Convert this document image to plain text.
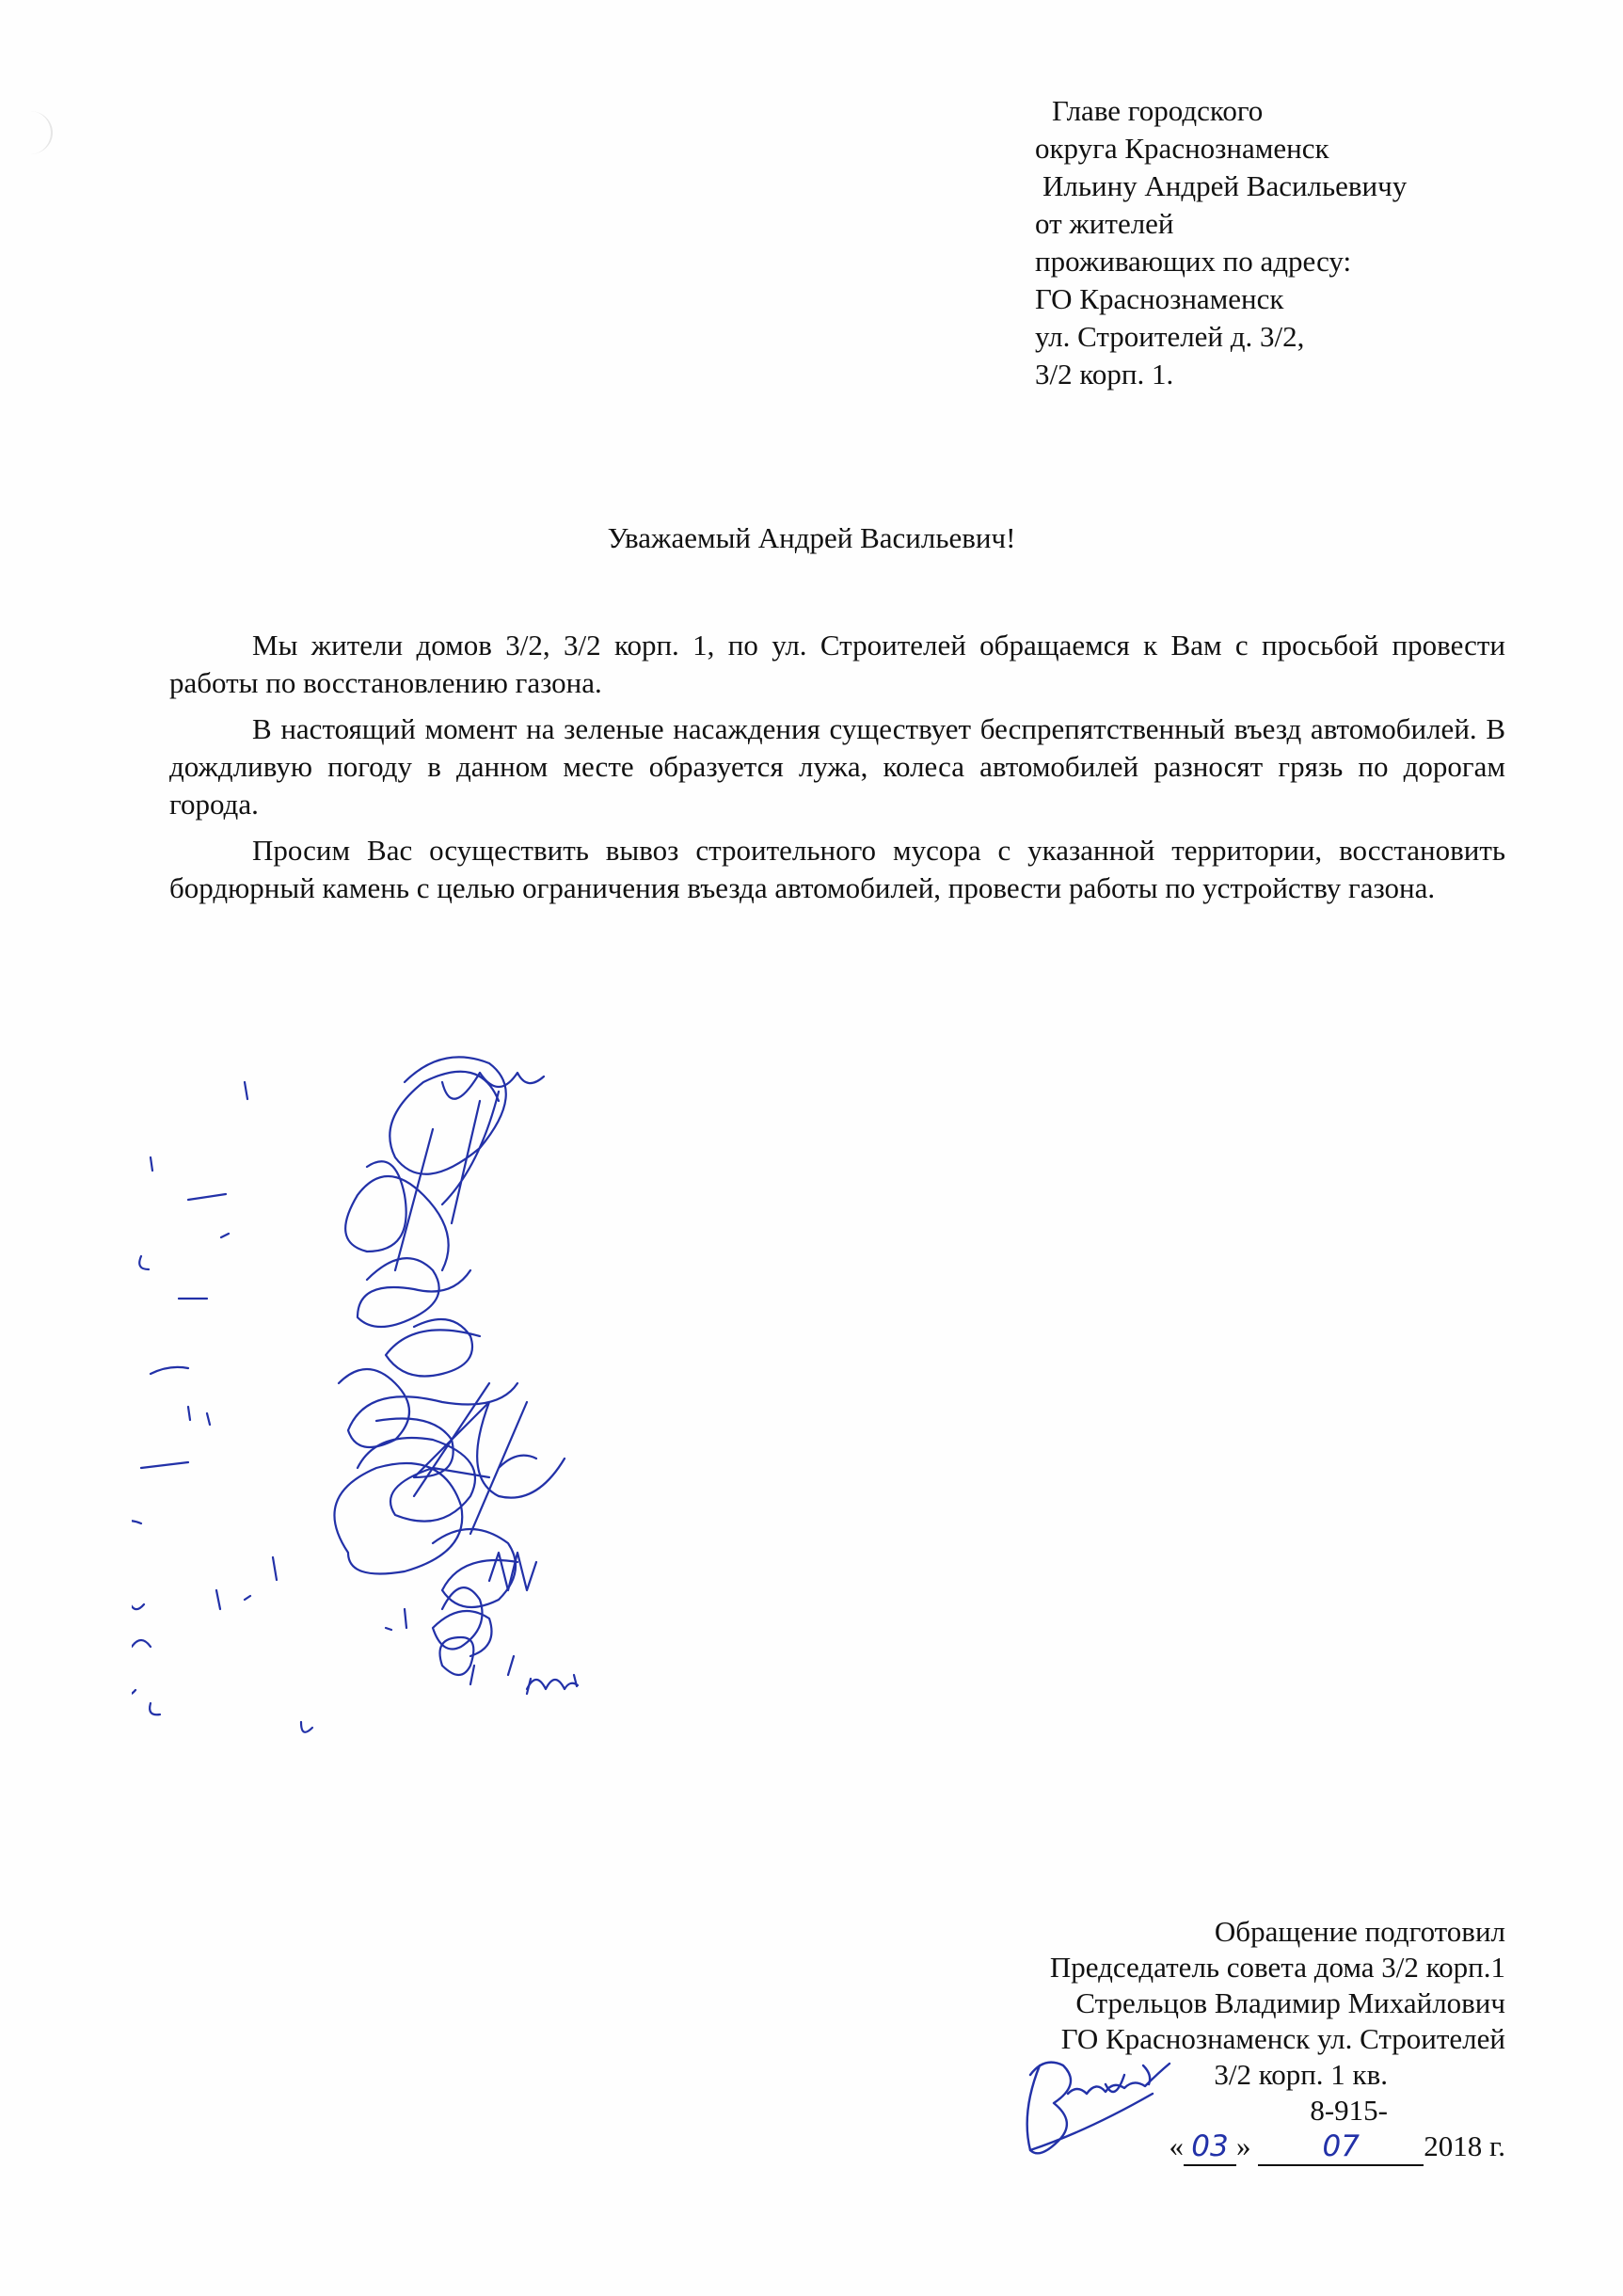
Главе городского
округа Краснознаменск
Ильину Андрей Васильевичу
от жителей
проживающих по адресу:
ГО Краснознаменск
ул. Строителей д. 3/2,
3/2 корп. 1.
Уважаемый Андрей Васильевич!

Мы жители домов 3/2, 3/2 корп. 1, по ул. Строителей обращаемся к Вам с просьбой провести работы по восстановлению газона.

В настоящий момент на зеленые насаждения существует беспрепятственный въезд автомобилей. В дождливую погоду в данном месте образуется лужа, колеса автомобилей разносят грязь по дорогам города.

Просим Вас осуществить вывоз строительного мусора с указанной территории, восстановить бордюрный камень с целью ограничения въезда автомобилей, провести работы по устройству газона.

Обращение подготовил
Председатель совета дома 3/2 корп.1
Стрельцов Владимир Михайлович
ГО Краснознаменск ул. Строителей
3/2 корп. 1 кв.
8-915-
« 03 » 07 2018 г.
